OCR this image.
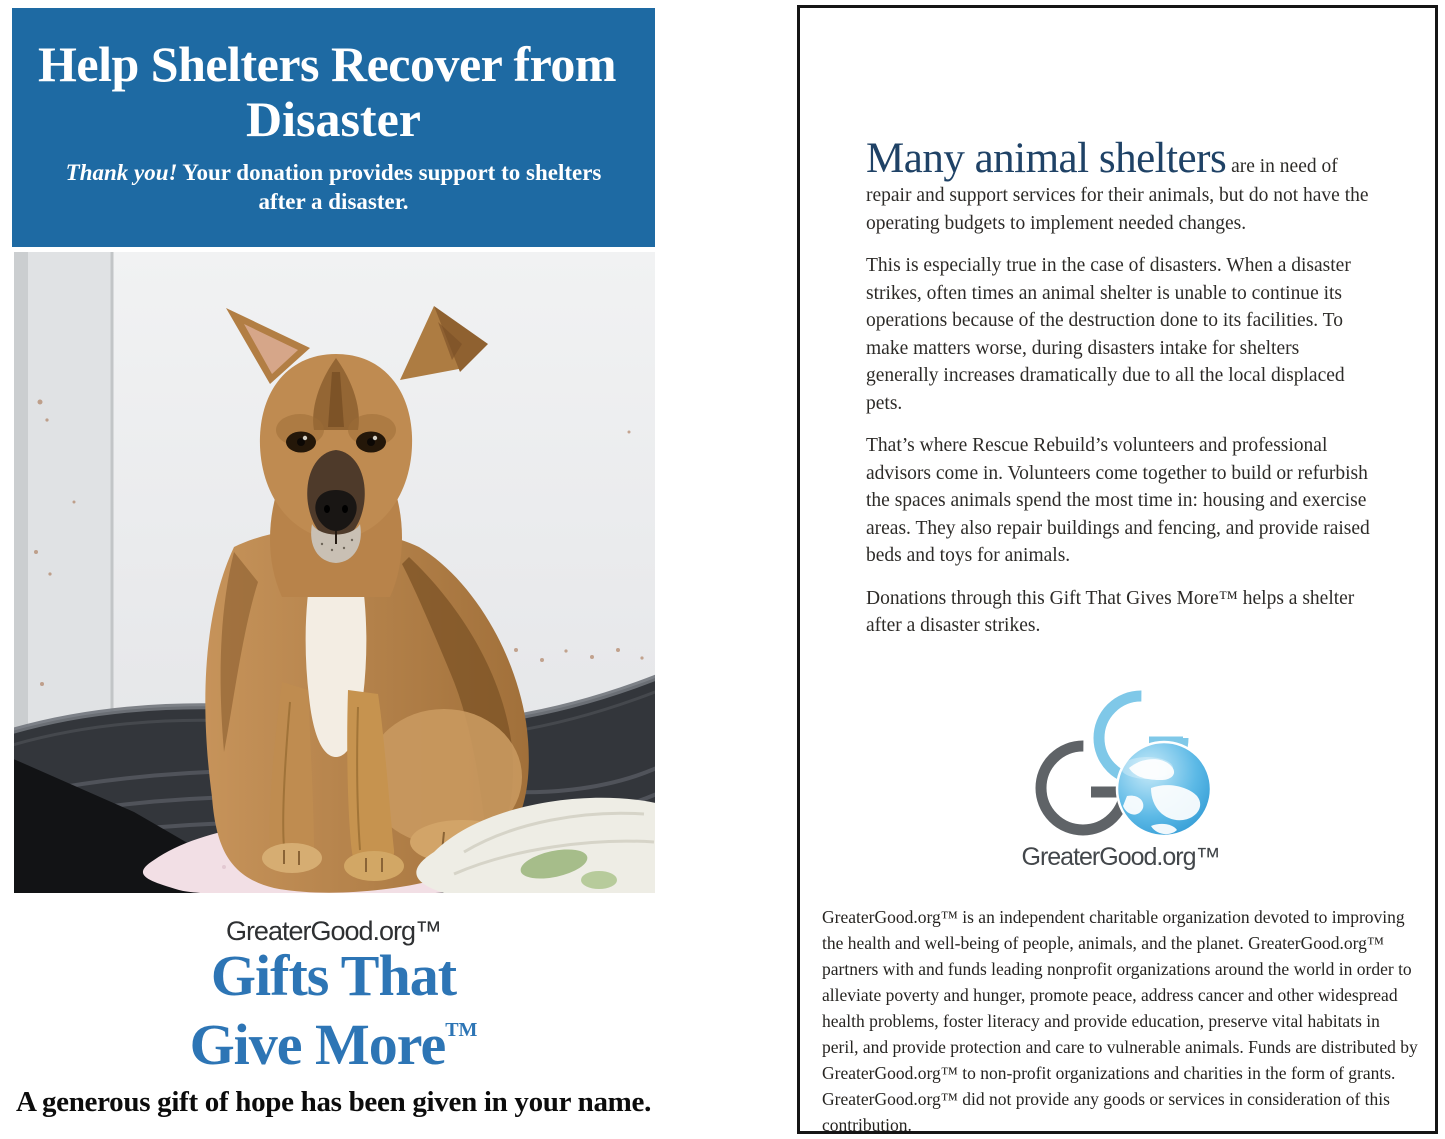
Help Shelters Recover from
Disaster
Thank you! Your donation provides support to shelters after a disaster.
GreaterGood.org™
Gifts That
Give More™
A generous gift of hope has been given in your name.

Many animal shelters are in need of repair and support services for their animals, but do not have the operating budgets to implement needed changes.

This is especially true in the case of disasters. When a disaster strikes, often times an animal shelter is unable to continue its operations because of the destruction done to its facilities. To make matters worse, during disasters intake for shelters generally increases dramatically due to all the local displaced pets.

That’s where Rescue Rebuild’s volunteers and professional advisors come in. Volunteers come together to build or refurbish the spaces animals spend the most time in: housing and exercise areas. They also repair buildings and fencing, and provide raised beds and toys for animals.

Donations through this Gift That Gives More™ helps a shelter after a disaster strikes.

GreaterGood.org™

GreaterGood.org™ is an independent charitable organization devoted to improving the health and well-being of people, animals, and the planet. GreaterGood.org™ partners with and funds leading nonprofit organizations around the world in order to alleviate poverty and hunger, promote peace, address cancer and other widespread health problems, foster literacy and provide education, preserve vital habitats in peril, and provide protection and care to vulnerable animals. Funds are distributed by GreaterGood.org™ to non-profit organizations and charities in the form of grants. GreaterGood.org™ did not provide any goods or services in consideration of this contribution.
